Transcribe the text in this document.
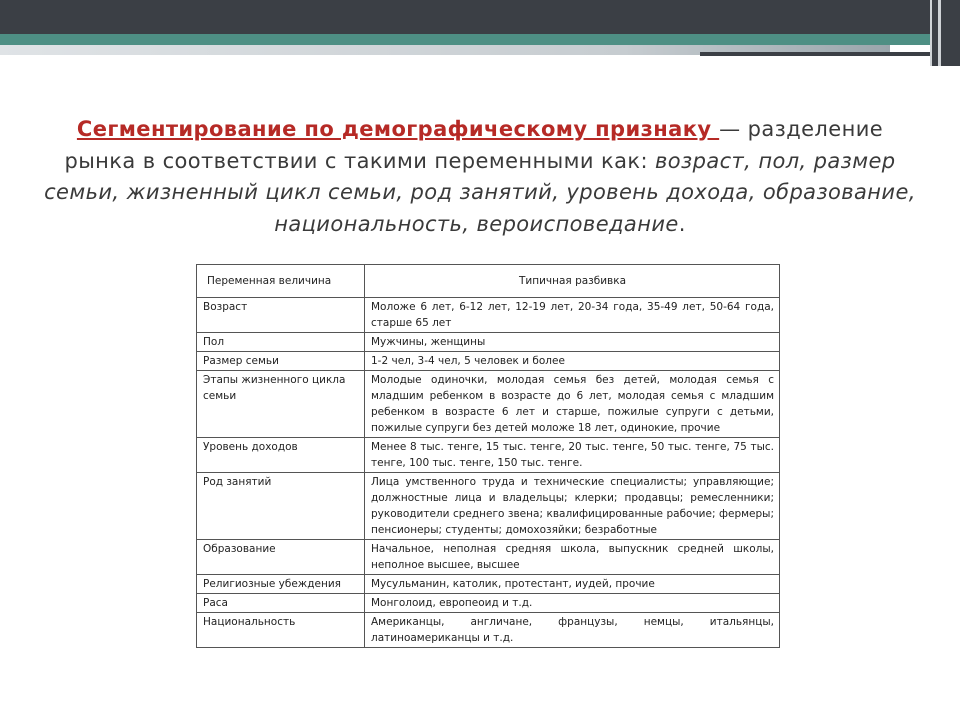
Сегментирование по демографическому признаку — разделение рынка в соответствии с такими переменными как: возраст, пол, размер семьи, жизненный цикл семьи, род занятий, уровень дохода, образование, национальность, вероисповедание.

Переменная величина	Типичная разбивка
Возраст	Моложе 6 лет, 6-12 лет, 12-19 лет, 20-34 года, 35-49 лет, 50-64 года, старше 65 лет
Пол	Мужчины, женщины
Размер семьи	1-2 чел, 3-4 чел, 5 человек и более
Этапы жизненного цикла семьи	Молодые одиночки, молодая семья без детей, молодая семья с младшим ребенком в возрасте до 6 лет, молодая семья с младшим ребенком в возрасте 6 лет и старше, пожилые супруги с детьми, пожилые супруги без детей моложе 18 лет, одинокие, прочие
Уровень доходов	Менее 8 тыс. тенге, 15 тыс. тенге, 20 тыс. тенге, 50 тыс. тенге, 75 тыс. тенге, 100 тыс. тенге, 150 тыс. тенге.
Род занятий	Лица умственного труда и технические специалисты; управляющие; должностные лица и владельцы; клерки; продавцы; ремесленники; руководители среднего звена; квалифицированные рабочие; фермеры; пенсионеры; студенты; домохозяйки; безработные
Образование	Начальное, неполная средняя школа, выпускник средней школы, неполное высшее, высшее
Религиозные убеждения	Мусульманин, католик, протестант, иудей, прочие
Раса	Монголоид, европеоид и т.д.
Национальность	Американцы, англичане, французы, немцы, итальянцы, латиноамериканцы и т.д.
